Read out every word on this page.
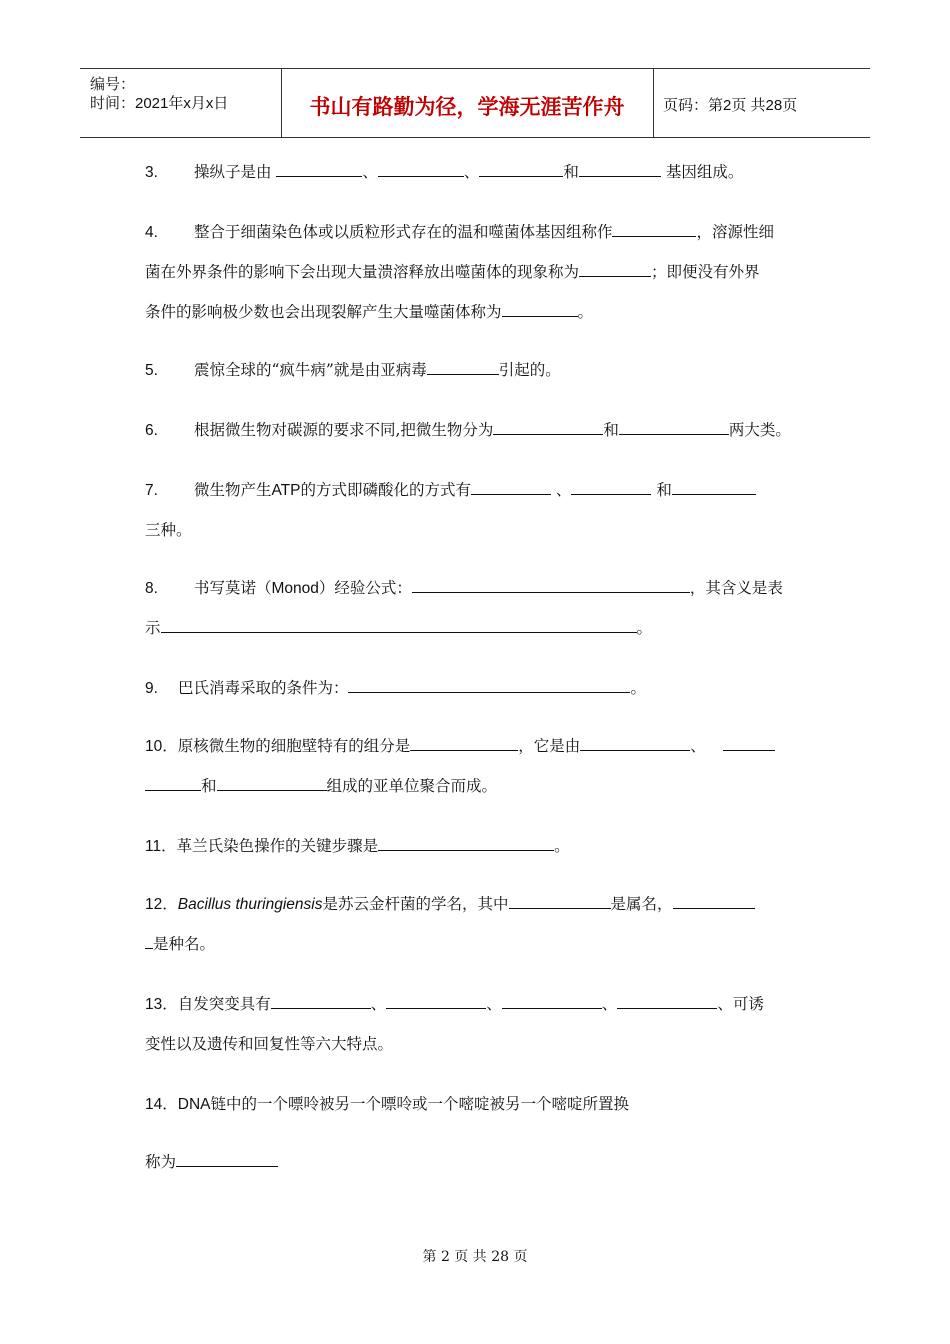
编号：
时间：2021年x月x日	书山有路勤为径，学海无涯苦作舟	页码：第2页 共28页
3. 操纵子是由	、	、	和	基因组成。
4. 整合于细菌染色体或以质粒形式存在的温和噬菌体基因组称作	，溶源性细
菌在外界条件的影响下会出现大量溃溶释放出噬菌体的现象称为	；即便没有外界
条件的影响极少数也会出现裂解产生大量噬菌体称为	。
5. 震惊全球的“疯牛病”就是由亚病毒	引起的。
6. 根据微生物对碳源的要求不同,把微生物分为	和	两大类。
7. 微生物产生ATP的方式即磷酸化的方式有	、	和
三种。
8. 书写莫诺（Monod）经验公式：	，其含义是表
示	。
9. 巴氏消毒采取的条件为：	。
10．原核微生物的细胞壁特有的组分是	，它是由	、
和	组成的亚单位聚合而成。
11．革兰氏染色操作的关键步骤是	。
12．Bacillus thuringiensis是苏云金杆菌的学名，其中	是属名，
是种名。
13．自发突变具有	、	、	、	、可诱
变性以及遗传和回复性等六大特点。
14．DNA链中的一个嘌呤被另一个嘌呤或一个嘧啶被另一个嘧啶所置换
称为
第 2 页 共 28 页
